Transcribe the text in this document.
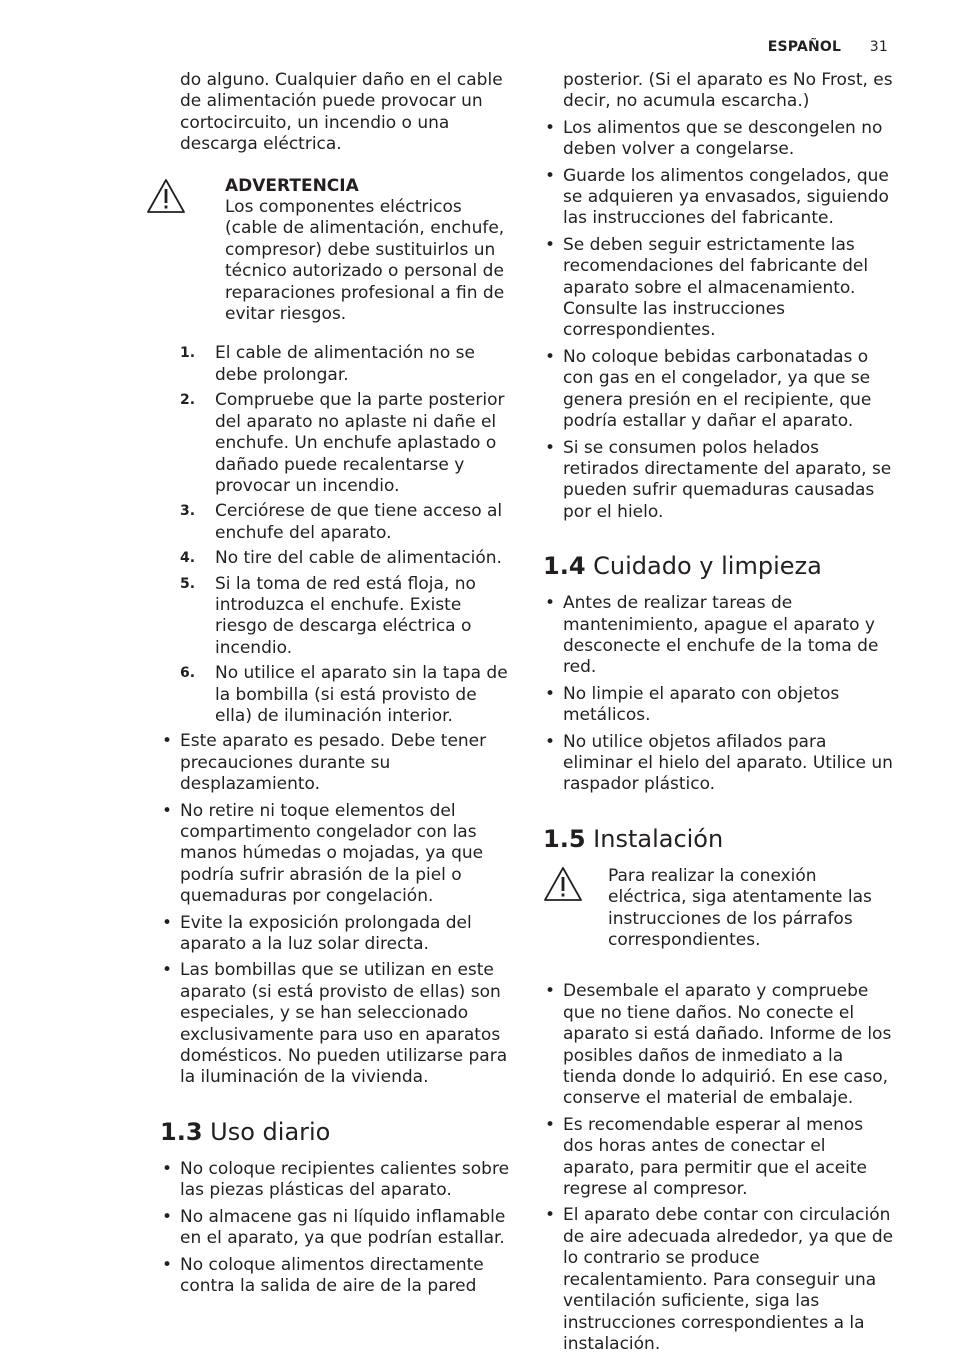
ESPAÑOL 31

do alguno. Cualquier daño en el cable de alimentación puede provocar un cortocircuito, un incendio o una descarga eléctrica.

ADVERTENCIA

Los componentes eléctricos (cable de alimentación, enchufe, compresor) debe sustituirlos un técnico autorizado o personal de reparaciones profesional a fin de evitar riesgos.

1. El cable de alimentación no se debe prolongar.
2. Compruebe que la parte posterior del aparato no aplaste ni dañe el enchufe. Un enchufe aplastado o dañado puede recalentarse y provocar un incendio.
3. Cerciórese de que tiene acceso al enchufe del aparato.
4. No tire del cable de alimentación.
5. Si la toma de red está floja, no introduzca el enchufe. Existe riesgo de descarga eléctrica o incendio.
6. No utilice el aparato sin la tapa de la bombilla (si está provisto de ella) de iluminación interior.
• Este aparato es pesado. Debe tener precauciones durante su desplazamiento.
• No retire ni toque elementos del compartimento congelador con las manos húmedas o mojadas, ya que podría sufrir abrasión de la piel o quemaduras por congelación.
• Evite la exposición prolongada del aparato a la luz solar directa.
• Las bombillas que se utilizan en este aparato (si está provisto de ellas) son especiales, y se han seleccionado exclusivamente para uso en aparatos domésticos. No pueden utilizarse para la iluminación de la vivienda.
1.3 Uso diario
• No coloque recipientes calientes sobre las piezas plásticas del aparato.
• No almacene gas ni líquido inflamable en el aparato, ya que podrían estallar.
• No coloque alimentos directamente contra la salida de aire de la pared

posterior. (Si el aparato es No Frost, es decir, no acumula escarcha.)

• Los alimentos que se descongelen no deben volver a congelarse.
• Guarde los alimentos congelados, que se adquieren ya envasados, siguiendo las instrucciones del fabricante.
• Se deben seguir estrictamente las recomendaciones del fabricante del aparato sobre el almacenamiento. Consulte las instrucciones correspondientes.
• No coloque bebidas carbonatadas o con gas en el congelador, ya que se genera presión en el recipiente, que podría estallar y dañar el aparato.
• Si se consumen polos helados retirados directamente del aparato, se pueden sufrir quemaduras causadas por el hielo.
1.4 Cuidado y limpieza
• Antes de realizar tareas de mantenimiento, apague el aparato y desconecte el enchufe de la toma de red.
• No limpie el aparato con objetos metálicos.
• No utilice objetos afilados para eliminar el hielo del aparato. Utilice un raspador plástico.
1.5 Instalación

Para realizar la conexión eléctrica, siga atentamente las instrucciones de los párrafos correspondientes.

• Desembale el aparato y compruebe que no tiene daños. No conecte el aparato si está dañado. Informe de los posibles daños de inmediato a la tienda donde lo adquirió. En ese caso, conserve el material de embalaje.
• Es recomendable esperar al menos dos horas antes de conectar el aparato, para permitir que el aceite regrese al compresor.
• El aparato debe contar con circulación de aire adecuada alrededor, ya que de lo contrario se produce recalentamiento. Para conseguir una ventilación suficiente, siga las instrucciones correspondientes a la instalación.
